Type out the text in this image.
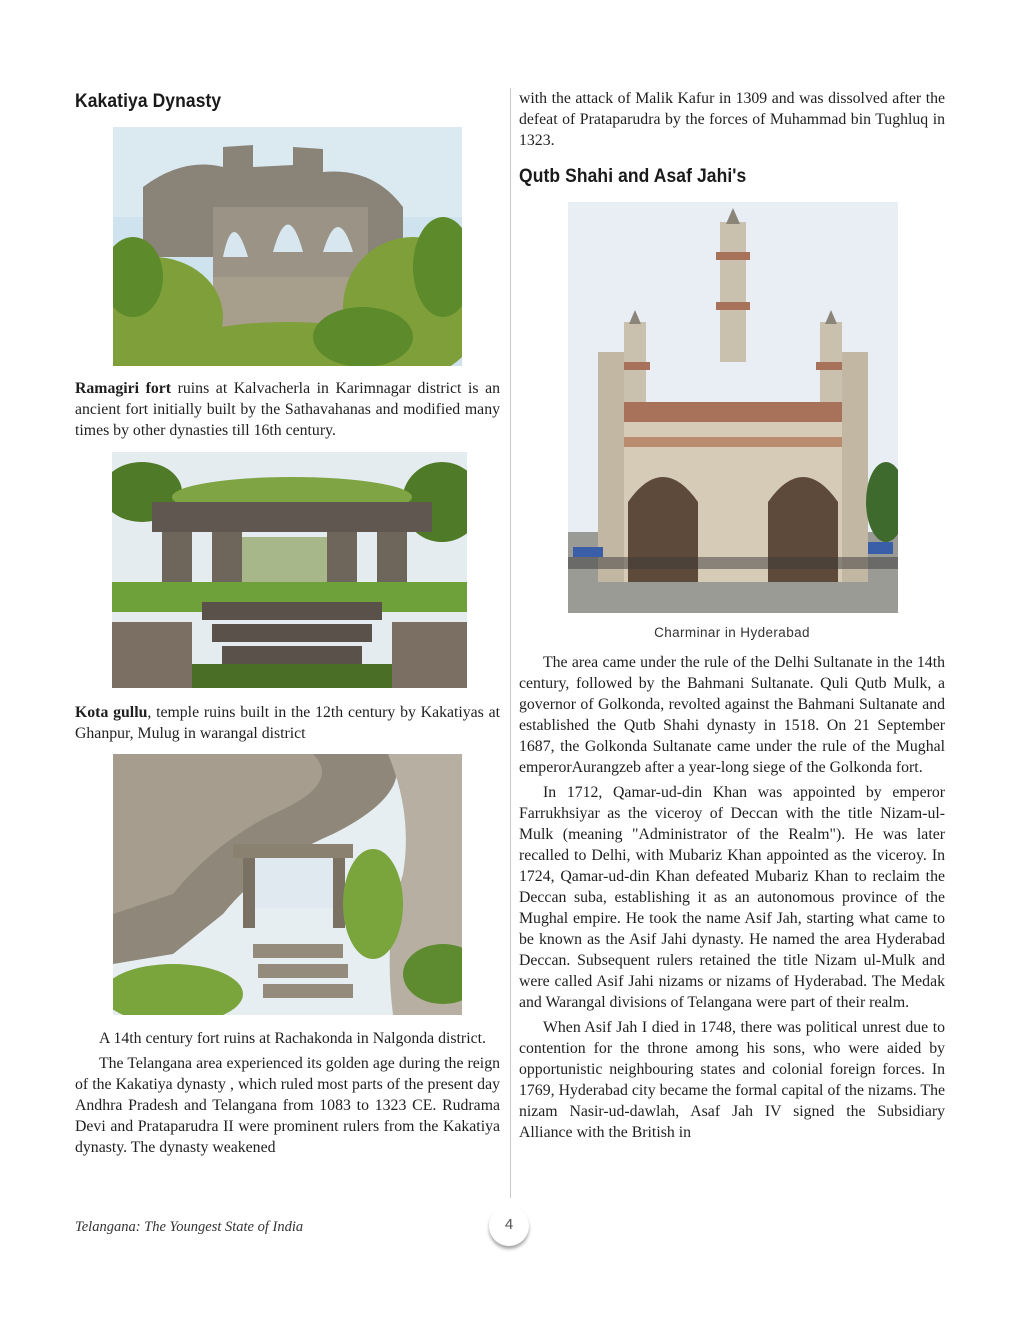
Kakatiya Dynasty

Ramagiri fort ruins at Kalvacherla in Karimnagar district is an ancient fort initially built by the Sathavahanas and modified many times by other dynasties till 16th century.

Kota gullu, temple ruins built in the 12th century by Kakatiyas at Ghanpur, Mulug in warangal district

A 14th century fort ruins at Rachakonda in Nalgonda district.

The Telangana area experienced its golden age during the reign of the Kakatiya dynasty , which ruled most parts of the present day Andhra Pradesh and Telangana from 1083 to 1323 CE. Rudrama Devi and Prataparudra II were prominent rulers from the Kakatiya dynasty. The dynasty weakened

with the attack of Malik Kafur in 1309 and was dissolved after the defeat of Prataparudra by the forces of Muhammad bin Tughluq in 1323.

Qutb Shahi and Asaf Jahi's
Charminar in Hyderabad

The area came under the rule of the Delhi Sultanate in the 14th century, followed by the Bahmani Sultanate. Quli Qutb Mulk, a governor of Golkonda, revolted against the Bahmani Sultanate and established the Qutb Shahi dynasty in 1518. On 21 September 1687, the Golkonda Sultanate came under the rule of the Mughal emperorAurangzeb after a year-long siege of the Golkonda fort.

In 1712, Qamar-ud-din Khan was appointed by emperor Farrukhsiyar as the viceroy of Deccan with the title Nizam-ul-Mulk (meaning "Administrator of the Realm"). He was later recalled to Delhi, with Mubariz Khan appointed as the viceroy. In 1724, Qamar-ud-din Khan defeated Mubariz Khan to reclaim the Deccan suba, establishing it as an autonomous province of the Mughal empire. He took the name Asif Jah, starting what came to be known as the Asif Jahi dynasty. He named the area Hyderabad Deccan. Subsequent rulers retained the title Nizam ul-Mulk and were called Asif Jahi nizams or nizams of Hyderabad. The Medak and Warangal divisions of Telangana were part of their realm.

When Asif Jah I died in 1748, there was political unrest due to contention for the throne among his sons, who were aided by opportunistic neighbouring states and colonial foreign forces. In 1769, Hyderabad city became the formal capital of the nizams. The nizam Nasir-ud-dawlah, Asaf Jah IV signed the Subsidiary Alliance with the British in

Telangana: The Youngest State of India	4
